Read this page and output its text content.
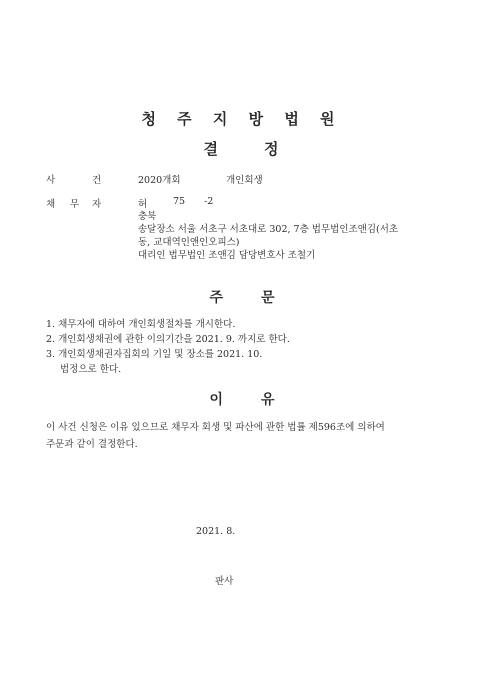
청 주 지 방 법 원
결	정
사	건	2020개회	개인회생
채 무 자	허	75 -2
충북
송달장소 서울 서초구 서초대로 302, 7층 법무법인조앤김(서초
동, 교대역인앤인오피스)
대리인 법무법인 조앤김 담당변호사 조철기
주	문
1. 채무자에 대하여 개인회생절차를 개시한다.
2. 개인회생채권에 관한 이의기간을 2021. 9. 까지로 한다.
3. 개인회생채권자집회의 기일 및 장소를 2021. 10.
법정으로 한다.
이	유
이 사건 신청은 이유 있으므로 채무자 회생 및 파산에 관한 법률 제596조에 의하여
주문과 같이 결정한다.
2021. 8.
판사
